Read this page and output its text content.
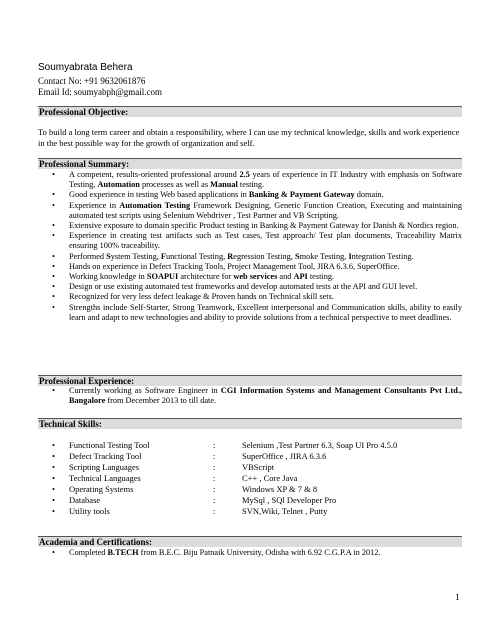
Soumyabrata Behera
Contact No: +91 9632061876
Email Id: soumyabph@gmail.com
Professional Objective:
To build a long term career and obtain a responsibility, where I can use my technical knowledge, skills and work experience in the best possible way for the growth of organization and self.
Professional Summary:
• A competent, results-oriented professional around 2.5 years of experience in IT Industry with emphasis on Software Testing, Automation processes as well as Manual testing.
• Good experience in testing Web based applications in Banking & Payment Gateway domain.
• Experience in Automation Testing Framework Designing, Generic Function Creation, Executing and maintaining automated test scripts using Selenium Webdriver , Test Partner and VB Scripting.
• Extensive exposure to domain specific Product testing in Banking & Payment Gateway for Danish & Nordics region.
• Experience in creating test artifacts such as Test cases, Test approach/ Test plan documents, Traceability Matrix ensuring 100% traceability.
• Performed System Testing, Functional Testing, Regression Testing, Smoke Testing, Integration Testing.
• Hands on experience in Defect Tracking Tools, Project Management Tool, JIRA 6.3.6, SuperOffice.
• Working knowledge in SOAPUI architecture for web services and API testing.
• Design or use existing automated test frameworks and develop automated tests at the API and GUI level.
• Recognized for very less defect leakage & Proven hands on Technical skill sets.
• Strengths include Self-Starter, Strong Teamwork, Excellent interpersonal and Communication skills, ability to easily learn and adapt to new technologies and ability to provide solutions from a technical perspective to meet deadlines.
Professional Experience:
• Currently working as Software Engineer in CGI Information Systems and Management Consultants Pvt Ltd., Bangalore from December 2013 to till date.
Technical Skills:
• Functional Testing Tool	:	Selenium ,Test Partner 6.3, Soap UI Pro 4.5.0
• Defect Tracking Tool	:	SuperOffice , JIRA 6.3.6
• Scripting Languages	:	VBScript
• Technical Languages	:	C++ , Core Java
• Operating Systems	:	Windows XP & 7 & 8
• Database	:	MySql , SQl Developer Pro
• Utility tools	:	SVN,Wiki, Telnet , Putty
Academia and Certifications:
• Completed B.TECH from B.E.C. Biju Patnaik University, Odisha with 6.92 C.G.P.A in 2012.
1
